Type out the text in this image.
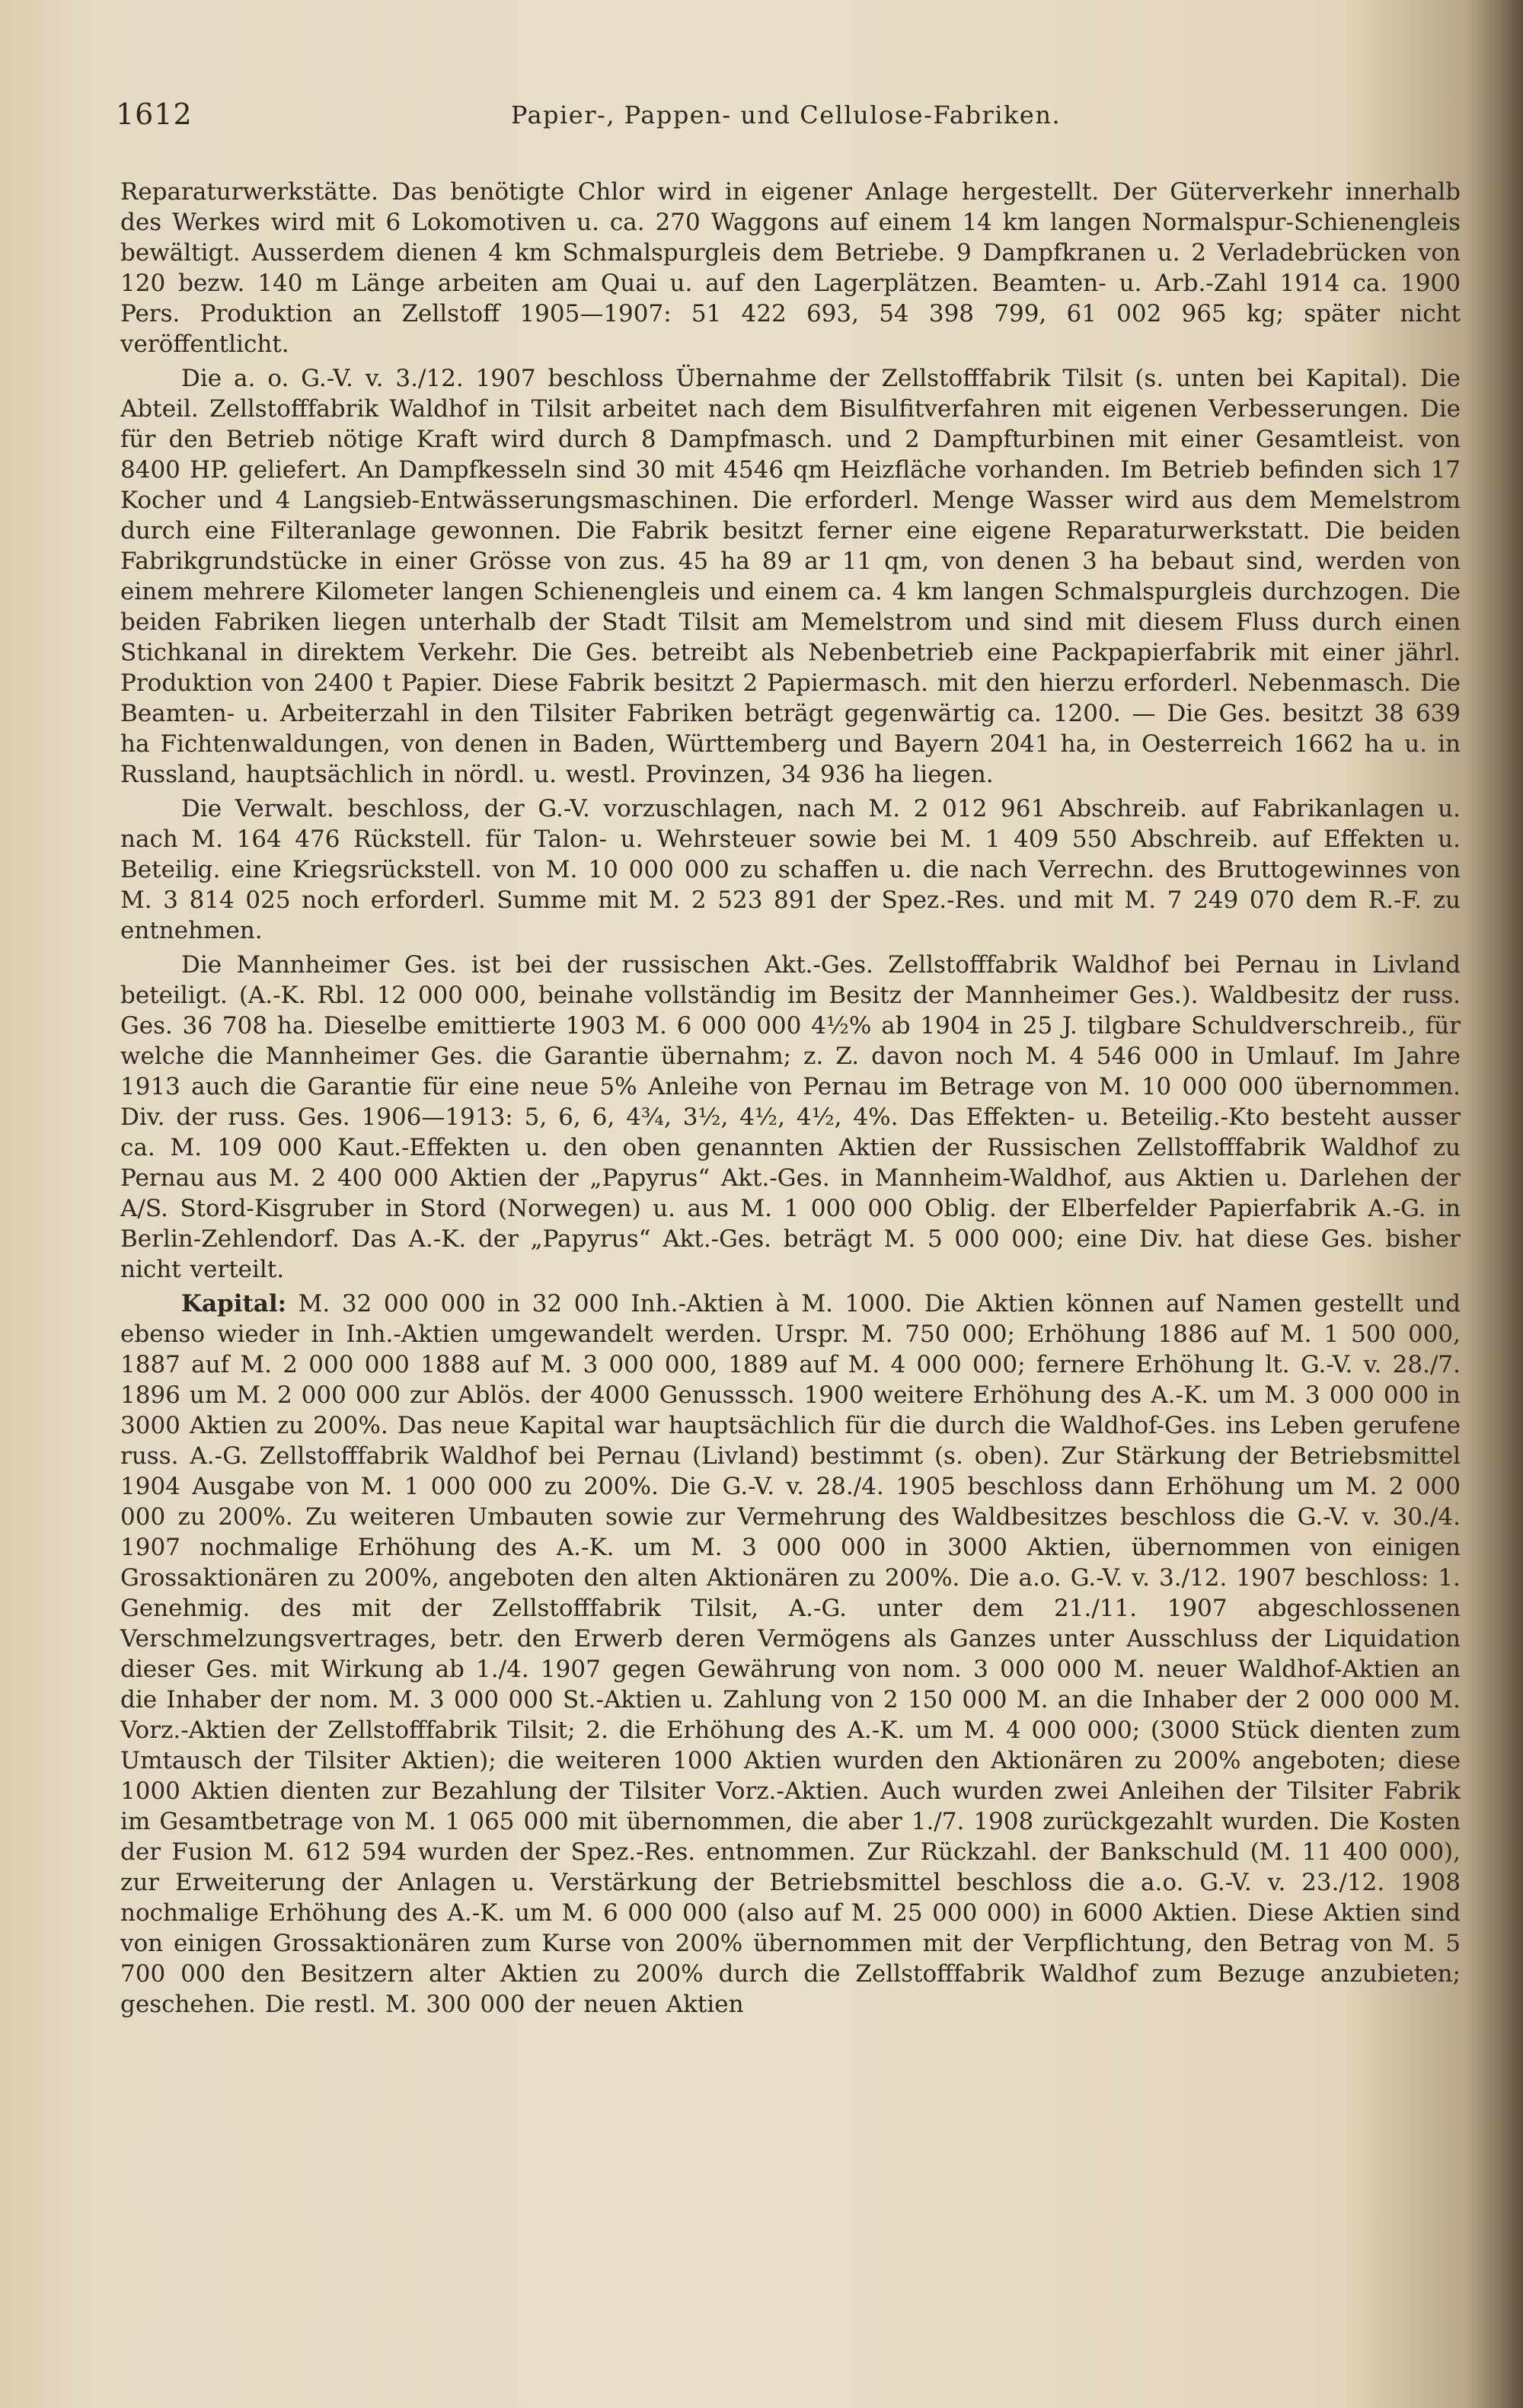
1612	Papier-, Pappen- und Cellulose-Fabriken.

Reparaturwerkstätte. Das benötigte Chlor wird in eigener Anlage hergestellt. Der Güterverkehr innerhalb des Werkes wird mit 6 Lokomotiven u. ca. 270 Waggons auf einem 14 km langen Normalspur-Schienengleis bewältigt. Ausserdem dienen 4 km Schmalspurgleis dem Betriebe. 9 Dampfkranen u. 2 Verladebrücken von 120 bezw. 140 m Länge arbeiten am Quai u. auf den Lagerplätzen. Beamten- u. Arb.-Zahl 1914 ca. 1900 Pers. Produktion an Zellstoff 1905—1907: 51 422 693, 54 398 799, 61 002 965 kg; später nicht veröffentlicht.

Die a. o. G.-V. v. 3./12. 1907 beschloss Übernahme der Zellstofffabrik Tilsit (s. unten bei Kapital). Die Abteil. Zellstofffabrik Waldhof in Tilsit arbeitet nach dem Bisulfitverfahren mit eigenen Verbesserungen. Die für den Betrieb nötige Kraft wird durch 8 Dampfmasch. und 2 Dampfturbinen mit einer Gesamtleist. von 8400 HP. geliefert. An Dampfkesseln sind 30 mit 4546 qm Heizfläche vorhanden. Im Betrieb befinden sich 17 Kocher und 4 Langsieb-Entwässerungsmaschinen. Die erforderl. Menge Wasser wird aus dem Memelstrom durch eine Filteranlage gewonnen. Die Fabrik besitzt ferner eine eigene Reparaturwerkstatt. Die beiden Fabrikgrundstücke in einer Grösse von zus. 45 ha 89 ar 11 qm, von denen 3 ha bebaut sind, werden von einem mehrere Kilometer langen Schienengleis und einem ca. 4 km langen Schmalspurgleis durchzogen. Die beiden Fabriken liegen unterhalb der Stadt Tilsit am Memelstrom und sind mit diesem Fluss durch einen Stichkanal in direktem Verkehr. Die Ges. betreibt als Nebenbetrieb eine Packpapierfabrik mit einer jährl. Produktion von 2400 t Papier. Diese Fabrik besitzt 2 Papiermasch. mit den hierzu erforderl. Nebenmasch. Die Beamten- u. Arbeiterzahl in den Tilsiter Fabriken beträgt gegenwärtig ca. 1200. — Die Ges. besitzt 38 639 ha Fichtenwaldungen, von denen in Baden, Württemberg und Bayern 2041 ha, in Oesterreich 1662 ha u. in Russland, hauptsächlich in nördl. u. westl. Provinzen, 34 936 ha liegen.

Die Verwalt. beschloss, der G.-V. vorzuschlagen, nach M. 2 012 961 Abschreib. auf Fabrikanlagen u. nach M. 164 476 Rückstell. für Talon- u. Wehrsteuer sowie bei M. 1 409 550 Abschreib. auf Effekten u. Beteilig. eine Kriegsrückstell. von M. 10 000 000 zu schaffen u. die nach Verrechn. des Bruttogewinnes von M. 3 814 025 noch erforderl. Summe mit M. 2 523 891 der Spez.-Res. und mit M. 7 249 070 dem R.-F. zu entnehmen.

Die Mannheimer Ges. ist bei der russischen Akt.-Ges. Zellstofffabrik Waldhof bei Pernau in Livland beteiligt. (A.-K. Rbl. 12 000 000, beinahe vollständig im Besitz der Mannheimer Ges.). Waldbesitz der russ. Ges. 36 708 ha. Dieselbe emittierte 1903 M. 6 000 000 4½% ab 1904 in 25 J. tilgbare Schuldverschreib., für welche die Mannheimer Ges. die Garantie übernahm; z. Z. davon noch M. 4 546 000 in Umlauf. Im Jahre 1913 auch die Garantie für eine neue 5% Anleihe von Pernau im Betrage von M. 10 000 000 übernommen. Div. der russ. Ges. 1906—1913: 5, 6, 6, 4¾, 3½, 4½, 4½, 4%. Das Effekten- u. Beteilig.-Kto besteht ausser ca. M. 109 000 Kaut.-Effekten u. den oben genannten Aktien der Russischen Zellstofffabrik Waldhof zu Pernau aus M. 2 400 000 Aktien der „Papyrus“ Akt.-Ges. in Mannheim-Waldhof, aus Aktien u. Darlehen der A/S. Stord-Kisgruber in Stord (Norwegen) u. aus M. 1 000 000 Oblig. der Elberfelder Papierfabrik A.-G. in Berlin-Zehlendorf. Das A.-K. der „Papyrus“ Akt.-Ges. beträgt M. 5 000 000; eine Div. hat diese Ges. bisher nicht verteilt.

Kapital: M. 32 000 000 in 32 000 Inh.-Aktien à M. 1000. Die Aktien können auf Namen gestellt und ebenso wieder in Inh.-Aktien umgewandelt werden. Urspr. M. 750 000; Erhöhung 1886 auf M. 1 500 000, 1887 auf M. 2 000 000 1888 auf M. 3 000 000, 1889 auf M. 4 000 000; fernere Erhöhung lt. G.-V. v. 28./7. 1896 um M. 2 000 000 zur Ablös. der 4000 Genusssch. 1900 weitere Erhöhung des A.-K. um M. 3 000 000 in 3000 Aktien zu 200%. Das neue Kapital war hauptsächlich für die durch die Waldhof-Ges. ins Leben gerufene russ. A.-G. Zellstofffabrik Waldhof bei Pernau (Livland) bestimmt (s. oben). Zur Stärkung der Betriebsmittel 1904 Ausgabe von M. 1 000 000 zu 200%. Die G.-V. v. 28./4. 1905 beschloss dann Erhöhung um M. 2 000 000 zu 200%. Zu weiteren Umbauten sowie zur Vermehrung des Waldbesitzes beschloss die G.-V. v. 30./4. 1907 nochmalige Erhöhung des A.-K. um M. 3 000 000 in 3000 Aktien, übernommen von einigen Grossaktionären zu 200%, angeboten den alten Aktionären zu 200%. Die a.o. G.-V. v. 3./12. 1907 beschloss: 1. Genehmig. des mit der Zellstofffabrik Tilsit, A.-G. unter dem 21./11. 1907 abgeschlossenen Verschmelzungsvertrages, betr. den Erwerb deren Vermögens als Ganzes unter Ausschluss der Liquidation dieser Ges. mit Wirkung ab 1./4. 1907 gegen Gewährung von nom. 3 000 000 M. neuer Waldhof-Aktien an die Inhaber der nom. M. 3 000 000 St.-Aktien u. Zahlung von 2 150 000 M. an die Inhaber der 2 000 000 M. Vorz.-Aktien der Zellstofffabrik Tilsit; 2. die Erhöhung des A.-K. um M. 4 000 000; (3000 Stück dienten zum Umtausch der Tilsiter Aktien); die weiteren 1000 Aktien wurden den Aktionären zu 200% angeboten; diese 1000 Aktien dienten zur Bezahlung der Tilsiter Vorz.-Aktien. Auch wurden zwei Anleihen der Tilsiter Fabrik im Gesamtbetrage von M. 1 065 000 mit übernommen, die aber 1./7. 1908 zurückgezahlt wurden. Die Kosten der Fusion M. 612 594 wurden der Spez.-Res. entnommen. Zur Rückzahl. der Bankschuld (M. 11 400 000), zur Erweiterung der Anlagen u. Verstärkung der Betriebsmittel beschloss die a.o. G.-V. v. 23./12. 1908 nochmalige Erhöhung des A.-K. um M. 6 000 000 (also auf M. 25 000 000) in 6000 Aktien. Diese Aktien sind von einigen Grossaktionären zum Kurse von 200% übernommen mit der Verpflichtung, den Betrag von M. 5 700 000 den Besitzern alter Aktien zu 200% durch die Zellstofffabrik Waldhof zum Bezuge anzubieten; geschehen. Die restl. M. 300 000 der neuen Aktien
